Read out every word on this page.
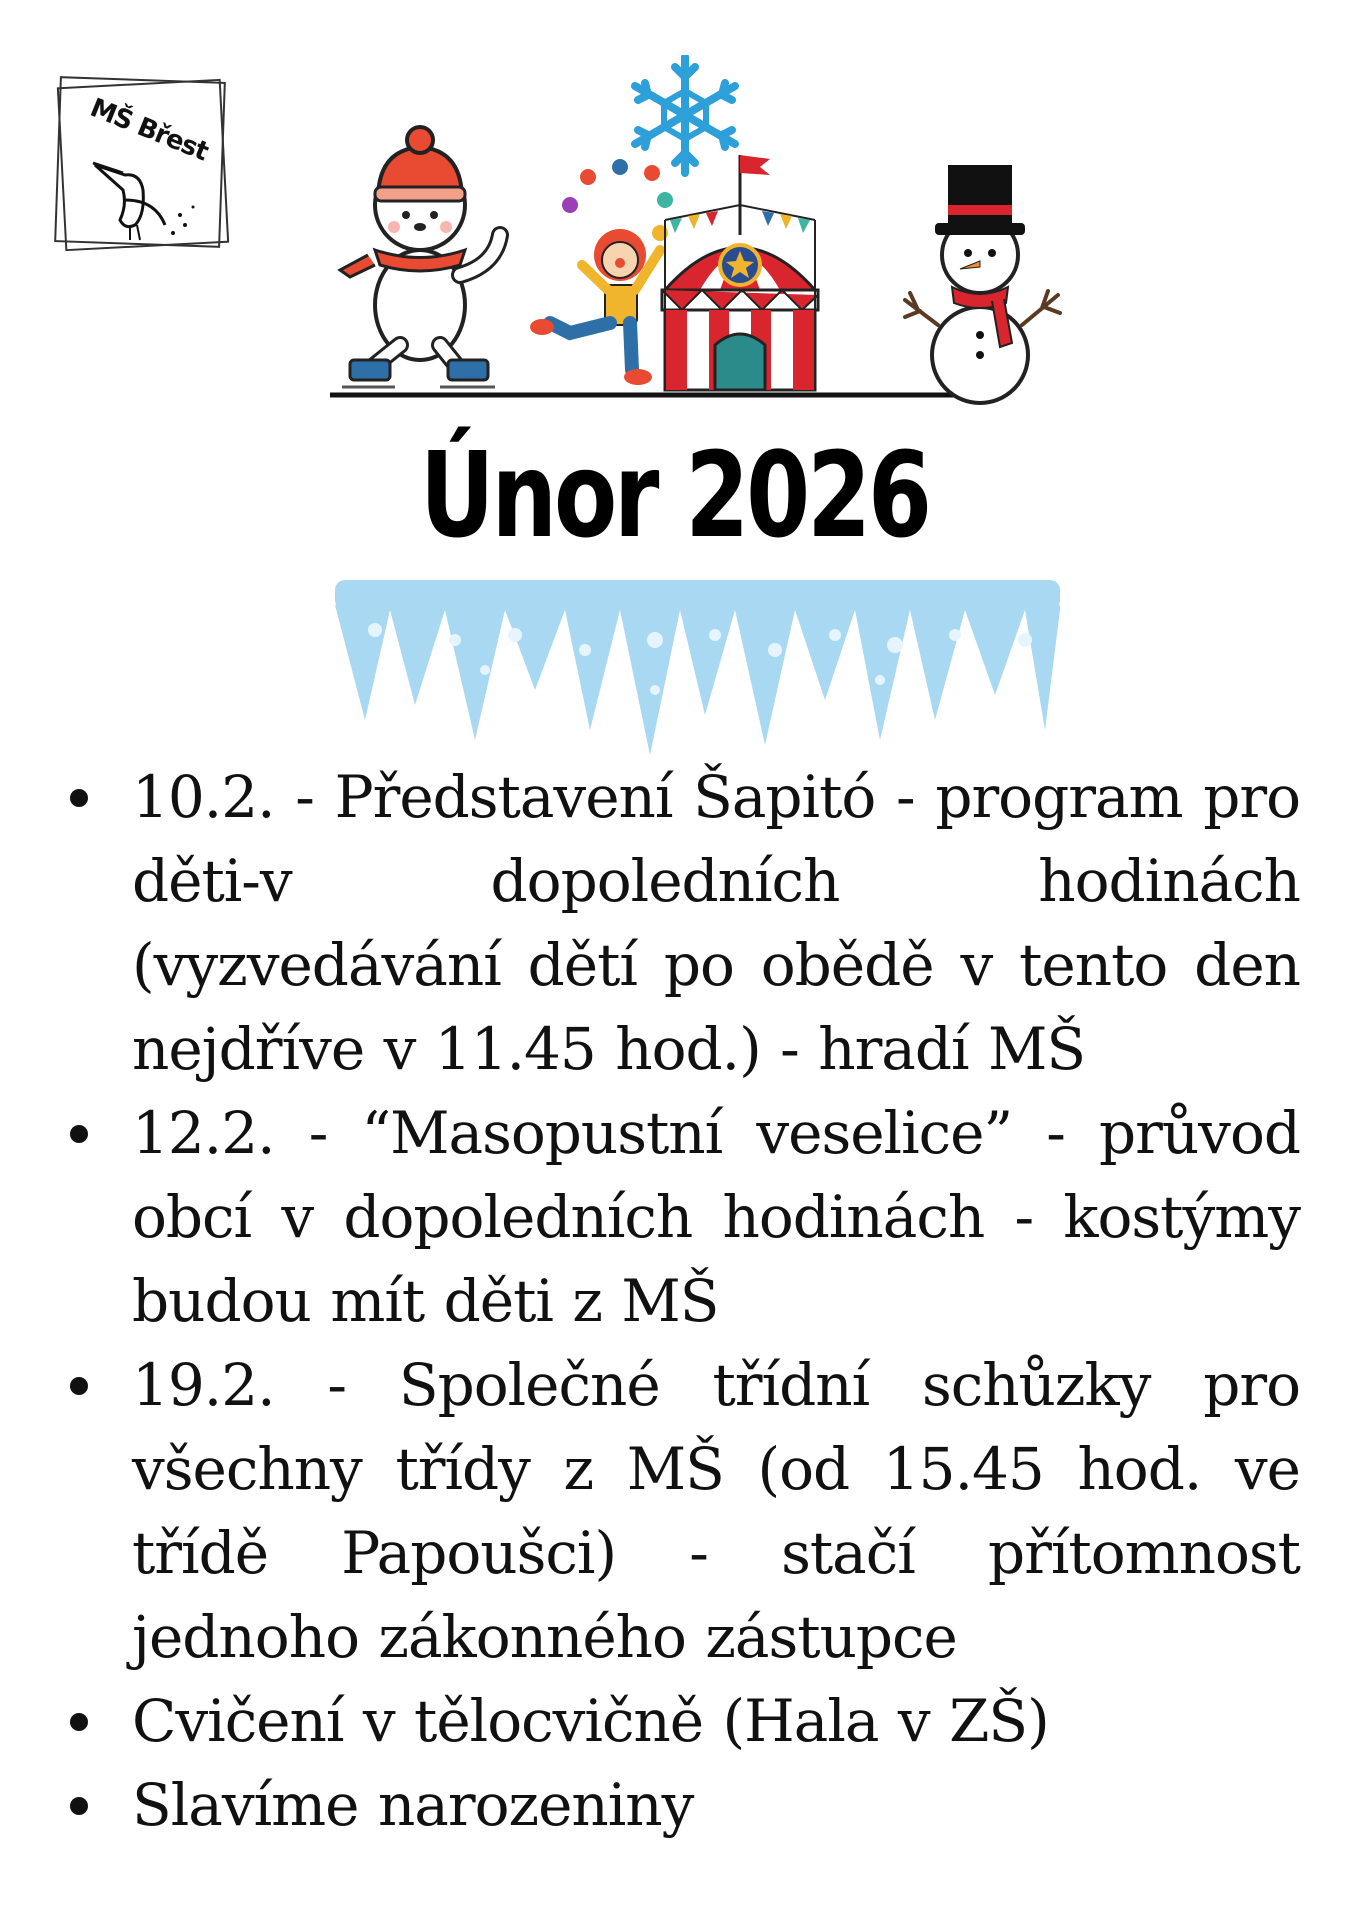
MŠ Břest
Únor 2026
10.2. - Představení Šapitó - program pro děti-v dopoledních hodinách (vyzvedávání dětí po obědě v tento den nejdříve v 11.45 hod.) - hradí MŠ
12.2. - “Masopustní veselice” - průvod obcí v dopoledních hodinách - kostýmy budou mít děti z MŠ
19.2. - Společné třídní schůzky pro všechny třídy z MŠ (od 15.45 hod. ve třídě Papoušci) - stačí přítomnost jednoho zákonného zástupce
Cvičení v tělocvičně (Hala v ZŠ)
Slavíme narozeniny
